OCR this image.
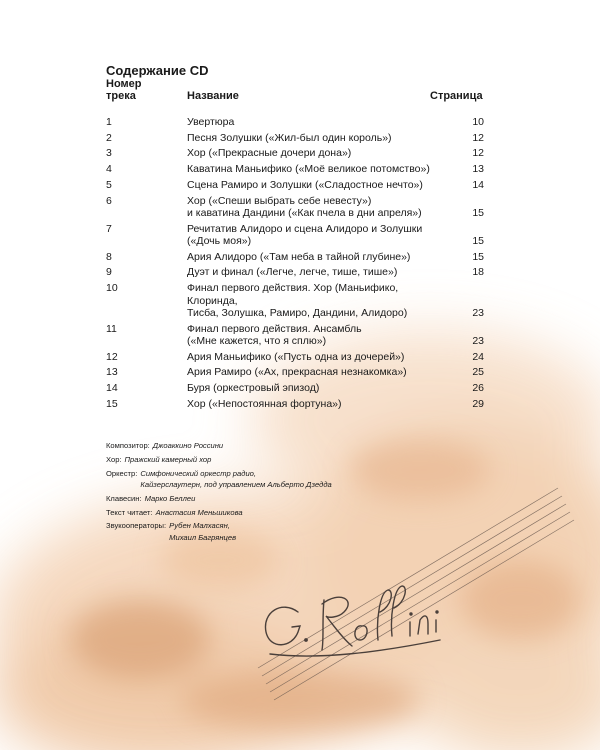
Содержание CD
Номер трека	Название	Страница
1	Увертюра	10
2	Песня Золушки («Жил-был один король»)	12
3	Хор («Прекрасные дочери дона»)	12
4	Каватина Маньифико («Моё великое потомство»)	13
5	Сцена Рамиро и Золушки («Сладостное нечто»)	14
6	Хор («Спеши выбрать себе невесту»)
и каватина Дандини («Как пчела в дни апреля»)	15
7	Речитатив Алидоро и сцена Алидоро и Золушки
(«Дочь моя»)	15
8	Ария Алидоро («Там неба в тайной глубине»)	15
9	Дуэт и финал («Легче, легче, тише, тише»)	18
10	Финал первого действия. Хор (Маньифико, Клоринда,
Тисба, Золушка, Рамиро, Дандини, Алидоро)	23
11	Финал первого действия. Ансамбль
(«Мне кажется, что я сплю»)	23
12	Ария Маньифико («Пусть одна из дочерей»)	24
13	Ария Рамиро («Ах, прекрасная незнакомка»)	25
14	Буря (оркестровый эпизод)	26
15	Хор («Непостоянная фортуна»)	29
Композитор: Джоаккино Россини
Хор: Пражский камерный хор
Оркестр: Симфонический оркестр радио,
Кайзерслаутерн, под управлением Альберто Дзедда
Клавесин: Марко Беллеи
Текст читает: Анастасия Меньшикова
Звукооператоры: Рубен Малхасян,
Михаил Багрянцев
